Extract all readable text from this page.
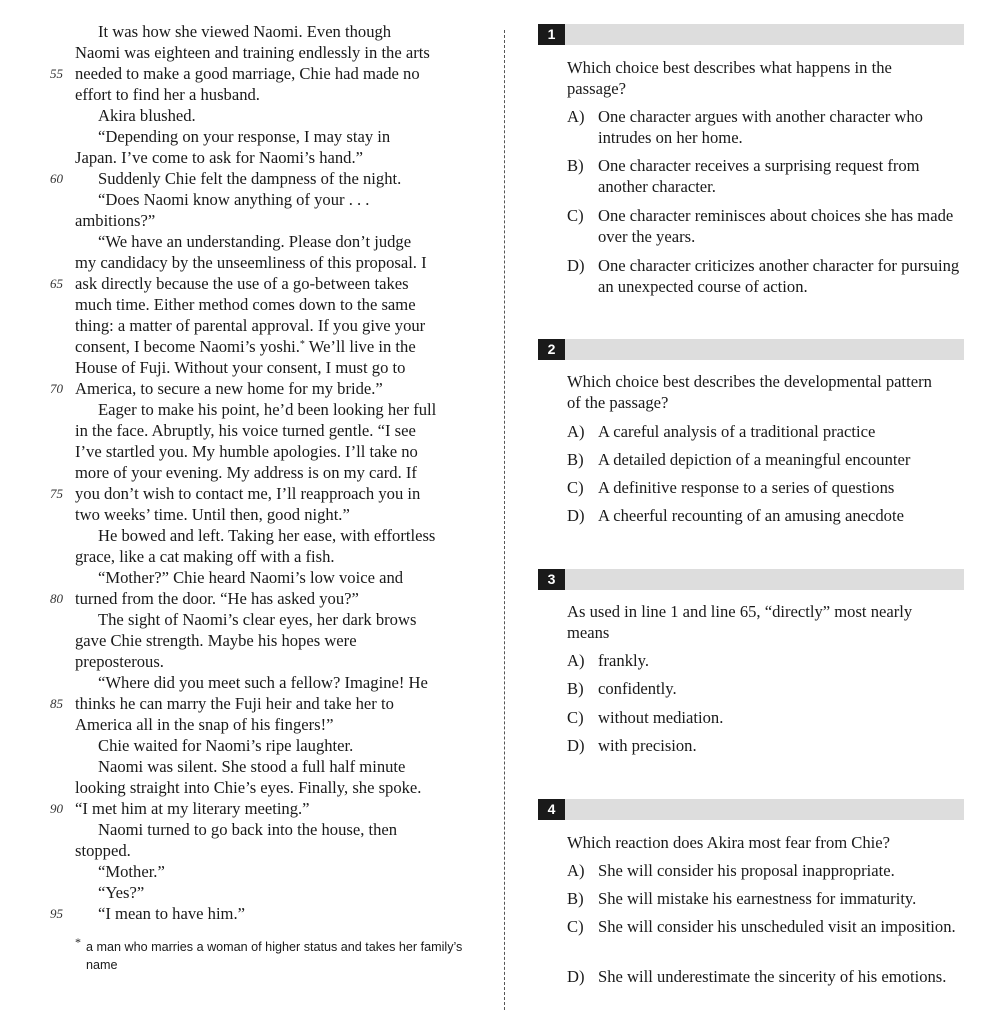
It was how she viewed Naomi. Even though
Naomi was eighteen and training endlessly in the arts
needed to make a good marriage, Chie had made no
effort to find her a husband.
Akira blushed.
“Depending on your response, I may stay in
Japan. I’ve come to ask for Naomi’s hand.”
Suddenly Chie felt the dampness of the night.
“Does Naomi know anything of your . . .
ambitions?”
“We have an understanding. Please don’t judge
my candidacy by the unseemliness of this proposal. I
ask directly because the use of a go-between takes
much time. Either method comes down to the same
thing: a matter of parental approval. If you give your
consent, I become Naomi’s yoshi.* We’ll live in the
House of Fuji. Without your consent, I must go to
America, to secure a new home for my bride.”
Eager to make his point, he’d been looking her full
in the face. Abruptly, his voice turned gentle. “I see
I’ve startled you. My humble apologies. I’ll take no
more of your evening. My address is on my card. If
you don’t wish to contact me, I’ll reapproach you in
two weeks’ time. Until then, good night.”
He bowed and left. Taking her ease, with effortless
grace, like a cat making off with a fish.
“Mother?” Chie heard Naomi’s low voice and
turned from the door. “He has asked you?”
The sight of Naomi’s clear eyes, her dark brows
gave Chie strength. Maybe his hopes were
preposterous.
“Where did you meet such a fellow? Imagine! He
thinks he can marry the Fuji heir and take her to
America all in the snap of his fingers!”
Chie waited for Naomi’s ripe laughter.
Naomi was silent. She stood a full half minute
looking straight into Chie’s eyes. Finally, she spoke.
“I met him at my literary meeting.”
Naomi turned to go back into the house, then
stopped.
“Mother.”
“Yes?”
“I mean to have him.”
55
60
65
70
75
80
85
90
95
* a man who marries a woman of higher status and takes her family’s name
1
Which choice best describes what happens in the passage?
A) One character argues with another character who intrudes on her home.
B) One character receives a surprising request from another character.
C) One character reminisces about choices she has made over the years.
D) One character criticizes another character for pursuing an unexpected course of action.
2
Which choice best describes the developmental pattern of the passage?
A) A careful analysis of a traditional practice
B) A detailed depiction of a meaningful encounter
C) A definitive response to a series of questions
D) A cheerful recounting of an amusing anecdote
3
As used in line 1 and line 65, “directly” most nearly means
A) frankly.
B) confidently.
C) without mediation.
D) with precision.
4
Which reaction does Akira most fear from Chie?
A) She will consider his proposal inappropriate.
B) She will mistake his earnestness for immaturity.
C) She will consider his unscheduled visit an imposition.
D) She will underestimate the sincerity of his emotions.
